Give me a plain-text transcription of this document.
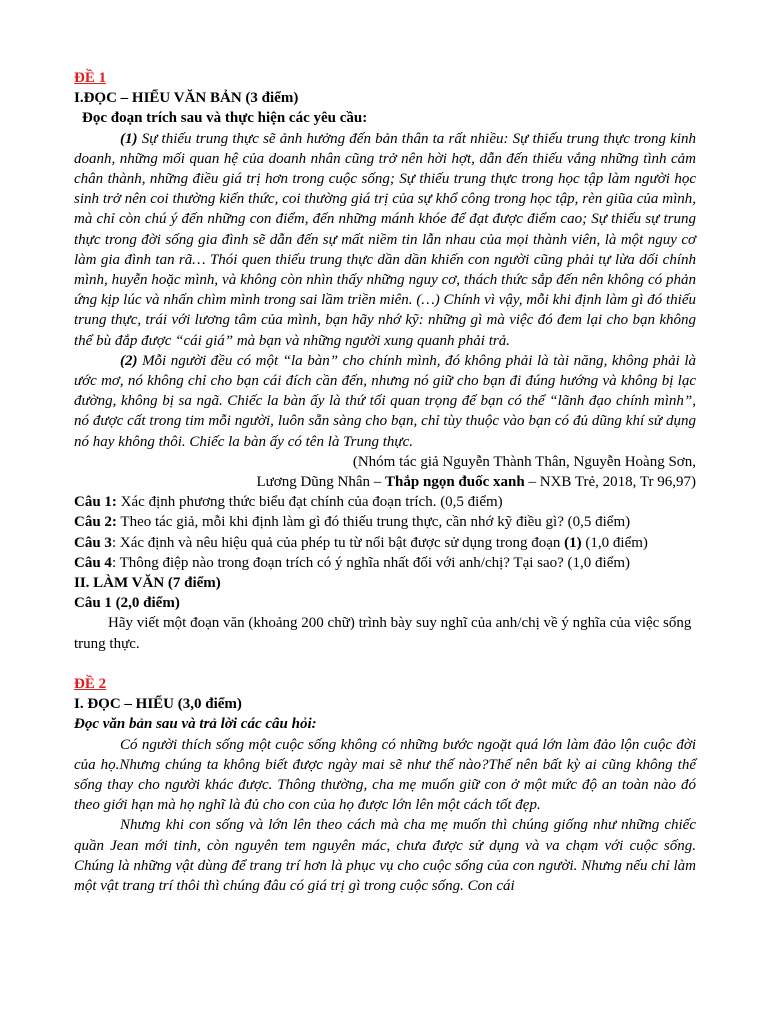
ĐỀ 1

I.ĐỌC – HIỂU VĂN BẢN (3 điểm)

Đọc đoạn trích sau và thực hiện các yêu cầu:

(1) Sự thiếu trung thực sẽ ảnh hưởng đến bản thân ta rất nhiều: Sự thiếu trung thực trong kinh doanh, những mối quan hệ của doanh nhân cũng trở nên hời hợt, dẫn đến thiếu vắng những tình cảm chân thành, những điều giá trị hơn trong cuộc sống; Sự thiếu trung thực trong học tập làm người học sinh trở nên coi thường kiến thức, coi thường giá trị của sự khổ công trong học tập, rèn giũa của mình, mà chỉ còn chú ý đến những con điểm, đến những mánh khóe để đạt được điểm cao; Sự thiếu sự trung thực trong đời sống gia đình sẽ dẫn đến sự mất niềm tin lẫn nhau của mọi thành viên, là một nguy cơ làm gia đình tan rã… Thói quen thiếu trung thực dần dần khiến con người cũng phải tự lừa dối chính mình, huyễn hoặc mình, và không còn nhìn thấy những nguy cơ, thách thức sắp đến nên không có phản ứng kịp lúc và nhấn chìm mình trong sai lầm triền miên. (…) Chính vì vậy, mỗi khi định làm gì đó thiếu trung thực, trái với lương tâm của mình, bạn hãy nhớ kỹ: những gì mà việc đó đem lại cho bạn không thể bù đắp được “cái giá” mà bạn và những người xung quanh phải trả.

(2) Mỗi người đều có một “la bàn” cho chính mình, đó không phải là tài năng, không phải là ước mơ, nó không chỉ cho bạn cái đích cần đến, nhưng nó giữ cho bạn đi đúng hướng và không bị lạc đường, không bị sa ngã. Chiếc la bàn ấy là thứ tối quan trọng để bạn có thể “lãnh đạo chính mình”, nó được cất trong tim mỗi người, luôn sẵn sàng cho bạn, chỉ tùy thuộc vào bạn có đủ dũng khí sử dụng nó hay không thôi. Chiếc la bàn ấy có tên là Trung thực.

(Nhóm tác giả Nguyễn Thành Thân, Nguyễn Hoàng Sơn,

Lương Dũng Nhân – Thắp ngọn đuốc xanh – NXB Trẻ, 2018, Tr 96,97)

Câu 1: Xác định phương thức biểu đạt chính của đoạn trích. (0,5 điểm)

Câu 2: Theo tác giả, mỗi khi định làm gì đó thiếu trung thực, cần nhớ kỹ điều gì? (0,5 điểm)

Câu 3: Xác định và nêu hiệu quả của phép tu từ nổi bật được sử dụng trong đoạn (1) (1,0 điểm)

Câu 4: Thông điệp nào trong đoạn trích có ý nghĩa nhất đối với anh/chị? Tại sao? (1,0 điểm)

II. LÀM VĂN (7 điểm)

Câu 1 (2,0 điểm)

Hãy viết một đoạn văn (khoảng 200 chữ) trình bày suy nghĩ của anh/chị về ý nghĩa của việc sống trung thực.

ĐỀ 2

I. ĐỌC – HIỂU (3,0 điểm)

Đọc văn bản sau và trả lời các câu hỏi:

Có người thích sống một cuộc sống không có những bước ngoặt quá lớn làm đảo lộn cuộc đời của họ.Nhưng chúng ta không biết được ngày mai sẽ như thế nào?Thế nên bất kỳ ai cũng không thể sống thay cho người khác được. Thông thường, cha mẹ muốn giữ con ở một mức độ an toàn nào đó theo giới hạn mà họ nghĩ là đủ cho con của họ được lớn lên một cách tốt đẹp.

Nhưng khi con sống và lớn lên theo cách mà cha mẹ muốn thì chúng giống như những chiếc quần Jean mới tinh, còn nguyên tem nguyên mác, chưa được sử dụng và va chạm với cuộc sống. Chúng là những vật dùng để trang trí hơn là phục vụ cho cuộc sống của con người. Nhưng nếu chỉ làm một vật trang trí thôi thì chúng đâu có giá trị gì trong cuộc sống. Con cái
